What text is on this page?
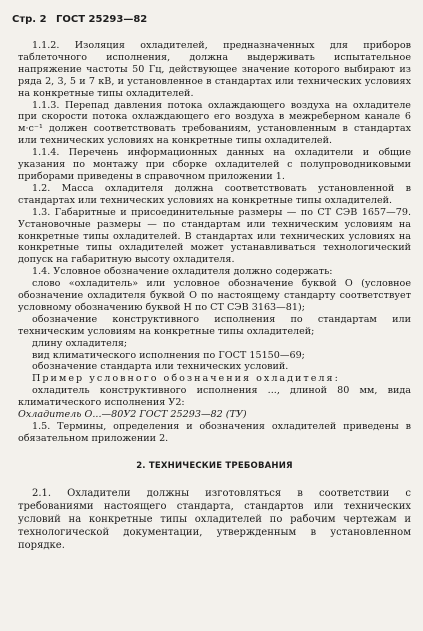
Стр. 2 ГОСТ 25293—82

1.1.2. Изоляция охладителей, предназначенных для приборов таблеточного исполнения, должна выдерживать испытательное напряжение частоты 50 Гц, действующее значение которого выбирают из ряда 2, 3, 5 и 7 кВ, и установленное в стандартах или технических условиях на конкретные типы охладителей.

1.1.3. Перепад давления потока охлаждающего воздуха на охладителе при скорости потока охлаждающего его воздуха в межреберном канале 6 м·с⁻¹ должен соответствовать требованиям, установленным в стандартах или технических условиях на конкретные типы охладителей.

1.1.4. Перечень информационных данных на охладители и общие указания по монтажу при сборке охладителей с полупроводниковыми приборами приведены в справочном приложении 1.

1.2. Масса охладителя должна соответствовать установленной в стандартах или технических условиях на конкретные типы охладителей.

1.3. Габаритные и присоединительные размеры — по СТ СЭВ 1657—79. Установочные размеры — по стандартам или техническим условиям на конкретные типы охладителей. В стандартах или технических условиях на конкретные типы охладителей может устанавливаться технологический допуск на габаритную высоту охладителя.

1.4. Условное обозначение охладителя должно содержать:

слово «охладитель» или условное обозначение буквой О (условное обозначение охладителя буквой О по настоящему стандарту соответствует условному обозначению буквой Н по СТ СЭВ 3163—81);

обозначение конструктивного исполнения по стандартам или техническим условиям на конкретные типы охладителей;

длину охладителя;

вид климатического исполнения по ГОСТ 15150—69;

обозначение стандарта или технических условий.

Пример условного обозначения охладителя:

охладитель конструктивного исполнения ..., длиной 80 мм, вида климатического исполнения У2:

Охладитель О...—80У2 ГОСТ 25293—82 (ТУ)

1.5. Термины, определения и обозначения охладителей приведены в обязательном приложении 2.

2. ТЕХНИЧЕСКИЕ ТРЕБОВАНИЯ

2.1. Охладители должны изготовляться в соответствии с требованиями настоящего стандарта, стандартов или технических условий на конкретные типы охладителей по рабочим чертежам и технологической документации, утвержденным в установленном порядке.
